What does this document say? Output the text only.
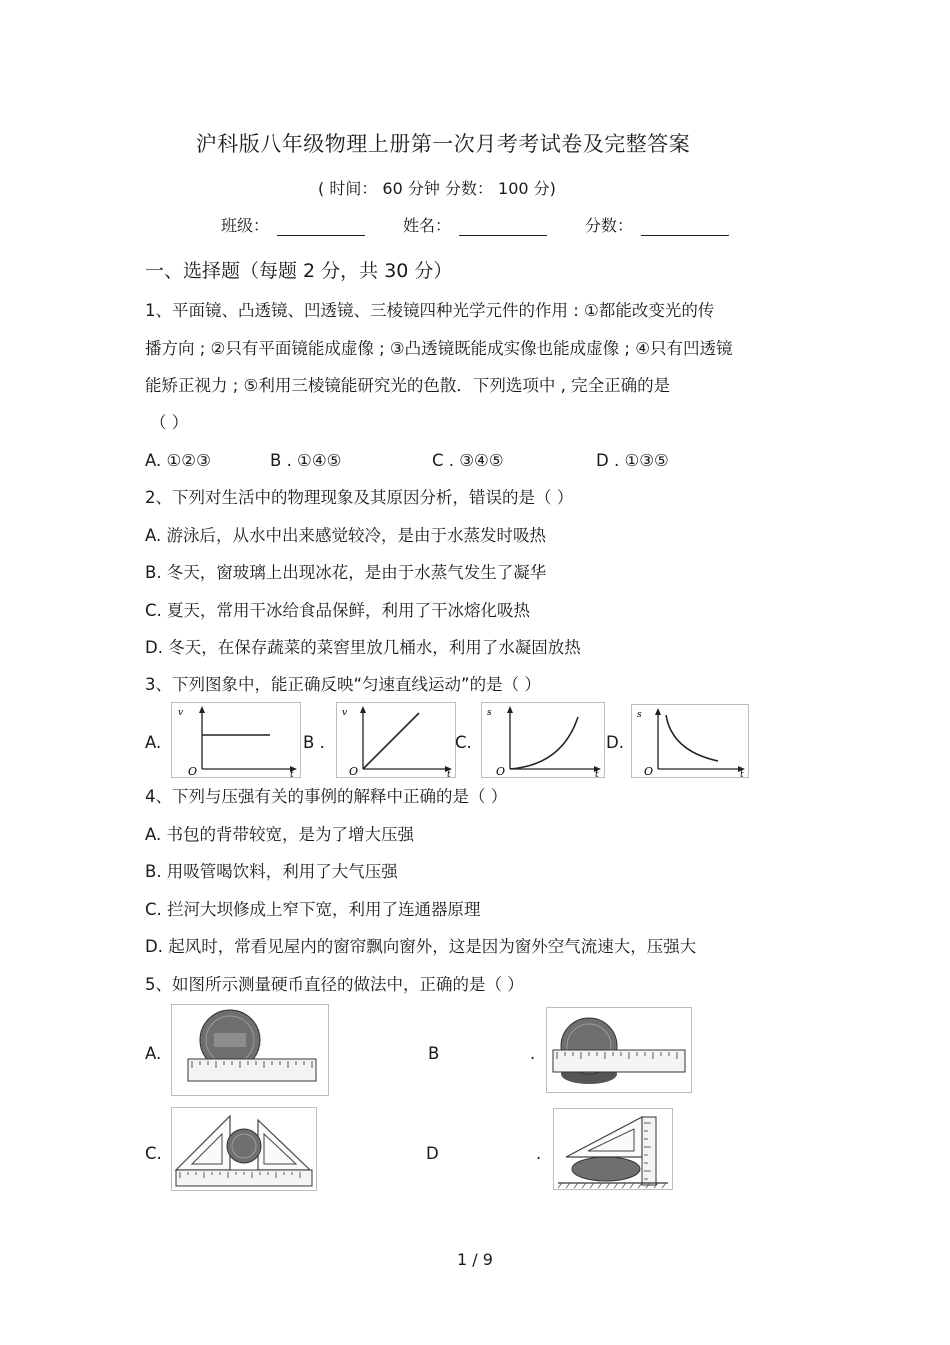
沪科版八年级物理上册第一次月考考试卷及完整答案
( 时间： 60 分钟 分数： 100 分)
班级：	姓名：	分数：
一、选择题（每题 2 分，共 30 分）
1、平面镜、凸透镜、凹透镜、三棱镜四种光学元件的作用 : ①都能改变光的传
播方向 ; ②只有平面镜能成虚像 ; ③凸透镜既能成实像也能成虚像 ; ④只有凹透镜
能矫正视力 ; ⑤利用三棱镜能研究光的色散．下列选项中 , 完全正确的是
（ ）
A. ①②③	B . ①④⑤	C . ③④⑤	D . ①③⑤
2、下列对生活中的物理现象及其原因分析，错误的是（ ）
A. 游泳后，从水中出来感觉较冷，是由于水蒸发时吸热
B. 冬天，窗玻璃上出现冰花，是由于水蒸气发生了凝华
C. 夏天，常用干冰给食品保鲜，利用了干冰熔化吸热
D. 冬天，在保存蔬菜的菜窖里放几桶水，利用了水凝固放热
3、下列图象中，能正确反映“匀速直线运动”的是（ ）
A.
v
O	t
B .
v
O	t
C.
s
O	t
D.
s
O	t
4、下列与压强有关的事例的解释中正确的是（ ）
A. 书包的背带较宽，是为了增大压强
B. 用吸管喝饮料，利用了大气压强
C. 拦河大坝修成上窄下宽，利用了连通器原理
D. 起风时，常看见屋内的窗帘飘向窗外，这是因为窗外空气流速大，压强大
5、如图所示测量硬币直径的做法中，正确的是（ ）
A.	B	.
C.	D	.
1 / 9
